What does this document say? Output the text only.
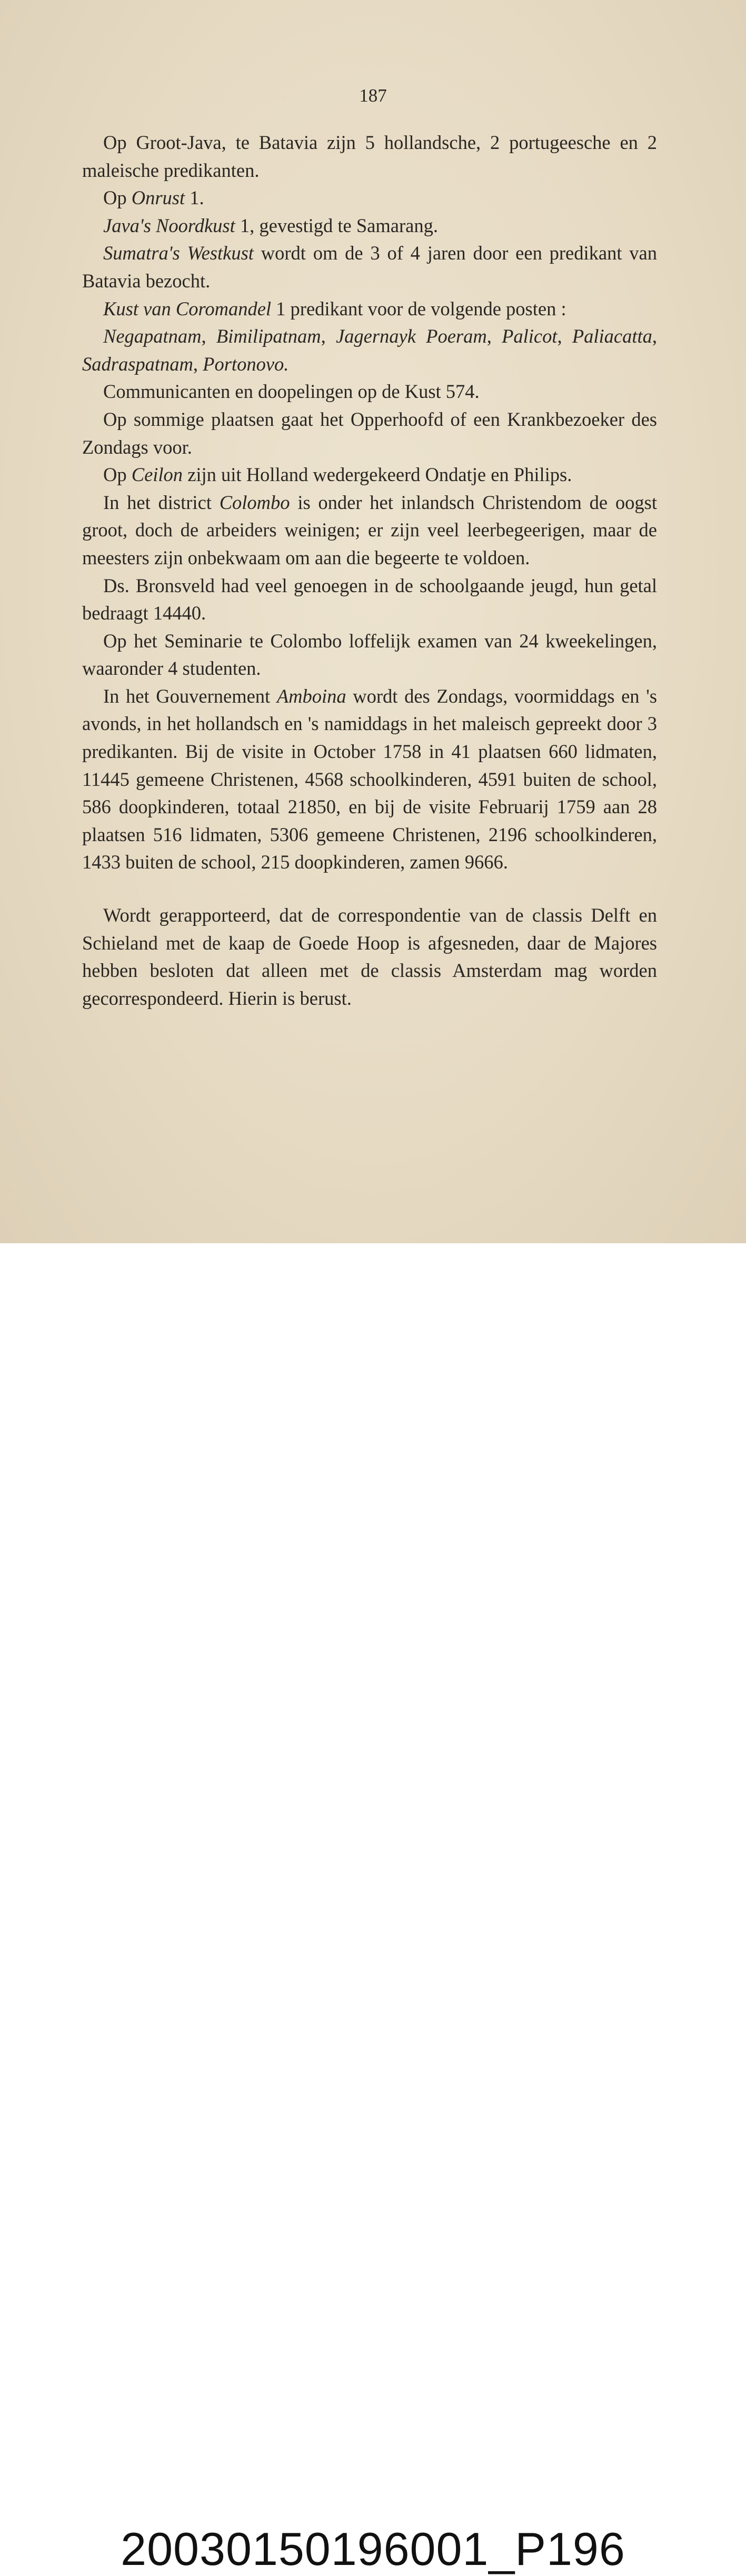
187

Op Groot-Java, te Batavia zijn 5 hollandsche, 2 portugeesche en 2 maleische predikanten.

Op Onrust 1.

Java's Noordkust 1, gevestigd te Samarang.

Sumatra's Westkust wordt om de 3 of 4 jaren door een predikant van Batavia bezocht.

Kust van Coromandel 1 predikant voor de volgende posten :

Negapatnam, Bimilipatnam, Jagernayk Poeram, Palicot, Paliacatta, Sadraspatnam, Portonovo.

Communicanten en doopelingen op de Kust 574.

Op sommige plaatsen gaat het Opperhoofd of een Krankbezoeker des Zondags voor.

Op Ceilon zijn uit Holland wedergekeerd Ondatje en Philips.

In het district Colombo is onder het inlandsch Christendom de oogst groot, doch de arbeiders weinigen; er zijn veel leerbegeerigen, maar de meesters zijn onbekwaam om aan die begeerte te voldoen.

Ds. Bronsveld had veel genoegen in de schoolgaande jeugd, hun getal bedraagt 14440.

Op het Seminarie te Colombo loffelijk examen van 24 kweekelingen, waaronder 4 studenten.

In het Gouvernement Amboina wordt des Zondags, voormiddags en 's avonds, in het hollandsch en 's namiddags in het maleisch gepreekt door 3 predikanten. Bij de visite in October 1758 in 41 plaatsen 660 lidmaten, 11445 gemeene Christenen, 4568 schoolkinderen, 4591 buiten de school, 586 doopkinderen, totaal 21850, en bij de visite Februarij 1759 aan 28 plaatsen 516 lidmaten, 5306 gemeene Christenen, 2196 schoolkinderen, 1433 buiten de school, 215 doopkinderen, zamen 9666.

Wordt gerapporteerd, dat de correspondentie van de classis Delft en Schieland met de kaap de Goede Hoop is afgesneden, daar de Majores hebben besloten dat alleen met de classis Amsterdam mag worden gecorrespondeerd. Hierin is berust.

20030150196001_P196
